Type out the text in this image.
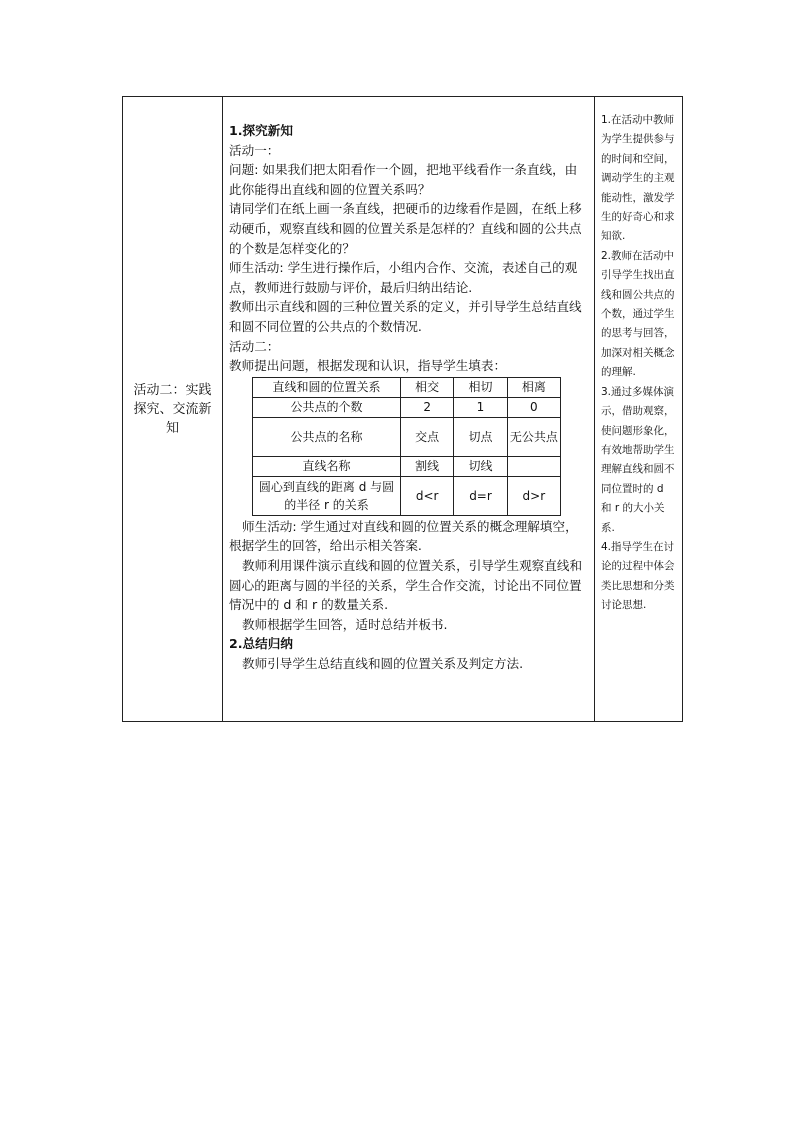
活动二：实践探究、交流新知	

1.探究新知

活动一：

问题: 如果我们把太阳看作一个圆，把地平线看作一条直线，由此你能得出直线和圆的位置关系吗？

请同学们在纸上画一条直线，把硬币的边缘看作是圆，在纸上移动硬币，观察直线和圆的位置关系是怎样的？直线和圆的公共点的个数是怎样变化的？

师生活动: 学生进行操作后，小组内合作、交流，表述自己的观点，教师进行鼓励与评价，最后归纳出结论.

教师出示直线和圆的三种位置关系的定义，并引导学生总结直线和圆不同位置的公共点的个数情况.

活动二：

教师提出问题，根据发现和认识，指导学生填表：

直线和圆的位置关系	相交	相切	相离
公共点的个数	2	1	0
公共点的名称	交点	切点	无公共点
直线名称	割线	切线	
圆心到直线的距离 d 与圆的半径 r 的关系	d<r	d=r	d>r

师生活动: 学生通过对直线和圆的位置关系的概念理解填空，根据学生的回答，给出示相关答案.

教师利用课件演示直线和圆的位置关系，引导学生观察直线和圆心的距离与圆的半径的关系，学生合作交流，讨论出不同位置情况中的 d 和 r 的数量关系.

教师根据学生回答，适时总结并板书.

2.总结归纳

教师引导学生总结直线和圆的位置关系及判定方法.

1.在活动中教师为学生提供参与的时间和空间，调动学生的主观能动性，激发学生的好奇心和求知欲.

2.教师在活动中引导学生找出直线和圆公共点的个数，通过学生的思考与回答，加深对相关概念的理解.

3.通过多媒体演示，借助观察，使问题形象化，有效地帮助学生理解直线和圆不同位置时的 d 和 r 的大小关系.

4.指导学生在讨论的过程中体会类比思想和分类讨论思想.
